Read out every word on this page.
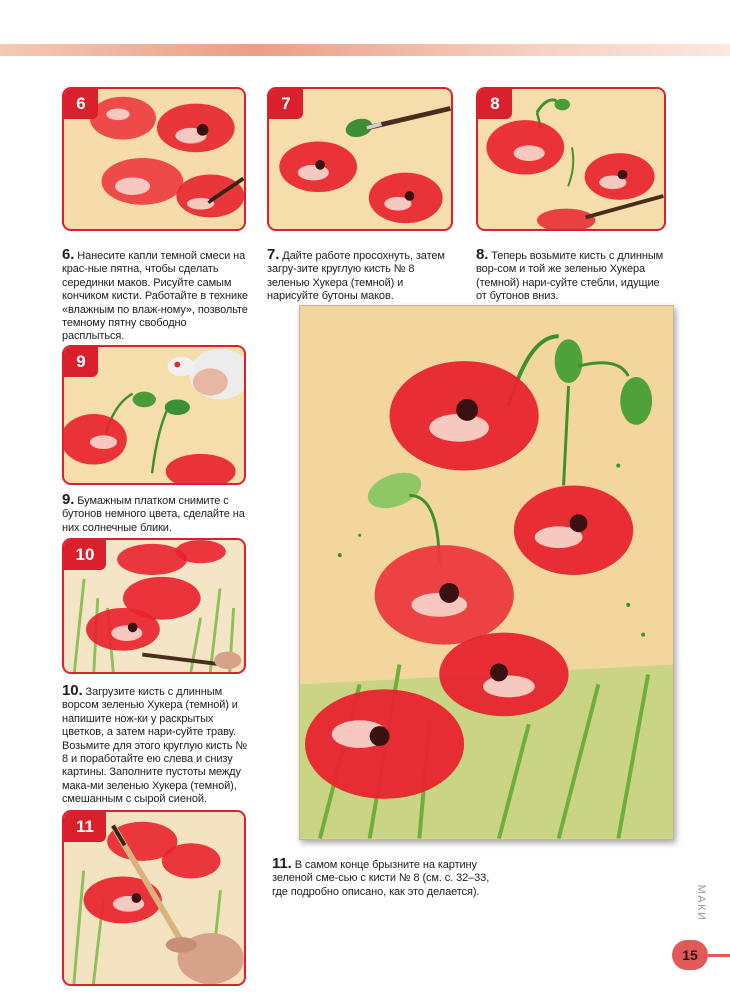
6	7	8
6. Нанесите капли темной смеси на крас-ные пятна, чтобы сделать серединки маков. Рисуйте самым кончиком кисти. Работайте в технике «влажным по влаж-ному», позвольте темному пятну свободно расплыться.
7. Дайте работе просохнуть, затем загру-зите круглую кисть № 8 зеленью Хукера (темной) и нарисуйте бутоны маков.
8. Теперь возьмите кисть с длинным вор-сом и той же зеленью Хукера (темной) нари-суйте стебли, идущие от бутонов вниз.
9
9. Бумажным платком снимите с бутонов немного цвета, сделайте на них солнечные блики.
10
10. Загрузите кисть с длинным ворсом зеленью Хукера (темной) и напишите нож-ки у раскрытых цветков, а затем нари-суйте траву. Возьмите для этого круглую кисть № 8 и поработайте ею слева и снизу картины. Заполните пустоты между мака-ми зеленью Хукера (темной), смешанным с сырой сиеной.
11
11. В самом конце брызните на картину зеленой сме-сью с кисти № 8 (см. с. 32–33, где подробно описано, как это делается).	МАКИ
15
